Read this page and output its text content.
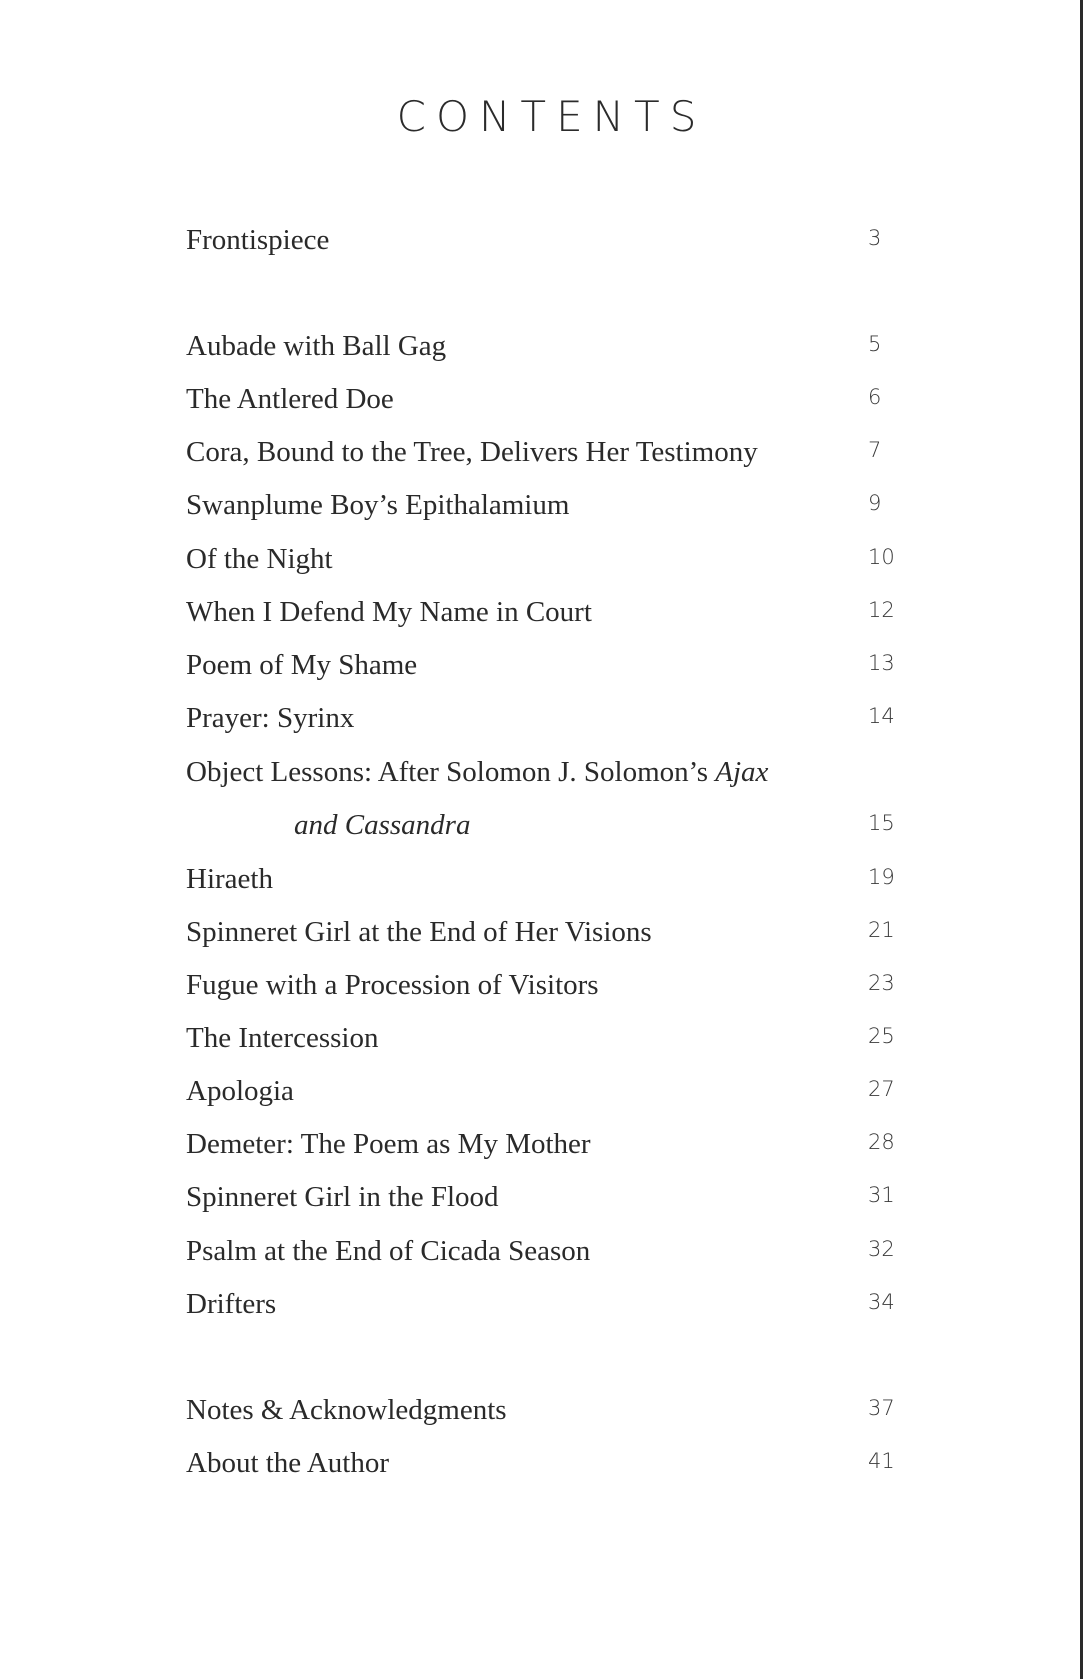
CONTENTS
Frontispiece	3
Aubade with Ball Gag	5
The Antlered Doe	6
Cora, Bound to the Tree, Delivers Her Testimony	7
Swanplume Boy’s Epithalamium	9
Of the Night	10
When I Defend My Name in Court	12
Poem of My Shame	13
Prayer: Syrinx	14
Object Lessons: After Solomon J. Solomon’s Ajax
and Cassandra	15
Hiraeth	19
Spinneret Girl at the End of Her Visions	21
Fugue with a Procession of Visitors	23
The Intercession	25
Apologia	27
Demeter: The Poem as My Mother	28
Spinneret Girl in the Flood	31
Psalm at the End of Cicada Season	32
Drifters	34
Notes & Acknowledgments	37
About the Author	41
